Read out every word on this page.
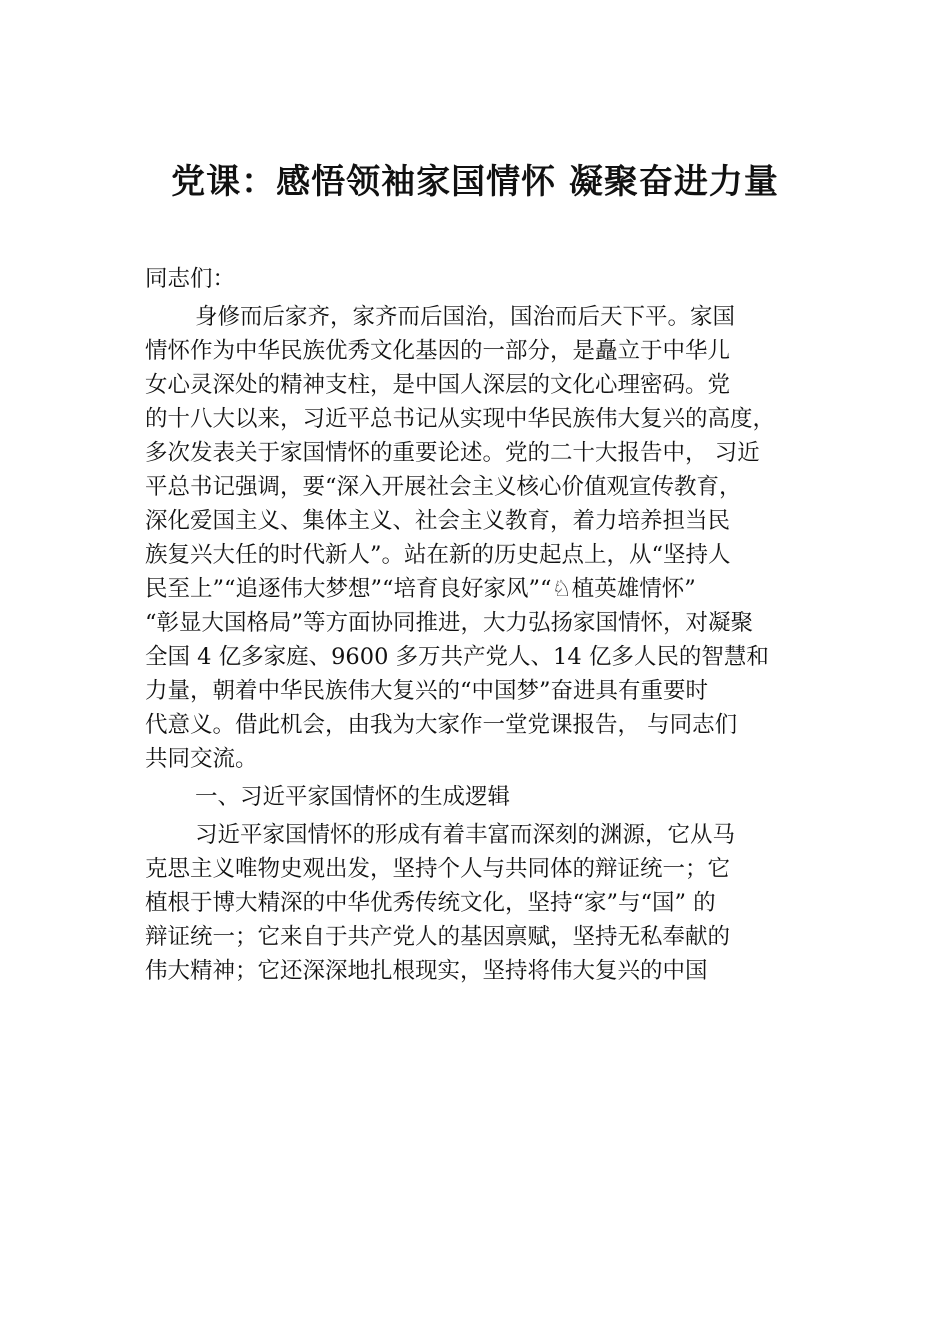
党课：感悟领袖家国情怀 凝聚奋进力量
同志们：
身修而后家齐，家齐而后国治，国治而后天下平。家国
情怀作为中华民族优秀文化基因的一部分，是矗立于中华儿
女心灵深处的精神支柱，是中国人深层的文化心理密码。党
的十八大以来，习近平总书记从实现中华民族伟大复兴的高度，
多次发表关于家国情怀的重要论述。党的二十大报告中， 习近
平总书记强调，要“深入开展社会主义核心价值观宣传教育，
深化爱国主义、集体主义、社会主义教育，着力培养担当民
族复兴大任的时代新人”。站在新的历史起点上，从“坚持人
民至上”“追逐伟大梦想”“培育良好家风”“♘植英雄情怀”
“彰显大国格局”等方面协同推进，大力弘扬家国情怀，对凝聚
全国 4 亿多家庭、9600 多万共产党人、14 亿多人民的智慧和
力量，朝着中华民族伟大复兴的“中国梦”奋进具有重要时
代意义。借此机会，由我为大家作一堂党课报告， 与同志们
共同交流。
一、习近平家国情怀的生成逻辑
习近平家国情怀的形成有着丰富而深刻的渊源，它从马
克思主义唯物史观出发，坚持个人与共同体的辩证统一；它
植根于博大精深的中华优秀传统文化，坚持“家”与“国” 的
辩证统一；它来自于共产党人的基因禀赋，坚持无私奉献的
伟大精神；它还深深地扎根现实，坚持将伟大复兴的中国
